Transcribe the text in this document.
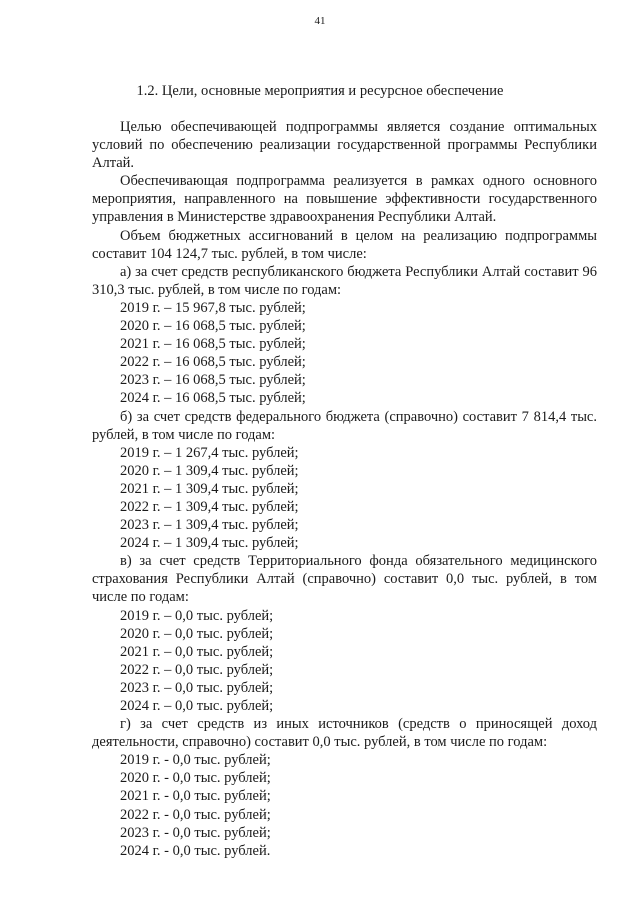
41
1.2. Цели, основные мероприятия и ресурсное обеспечение

Целью обеспечивающей подпрограммы является создание оптимальных условий по обеспечению реализации государственной программы Республики Алтай.

Обеспечивающая подпрограмма реализуется в рамках одного основного мероприятия, направленного на повышение эффективности государственного управления в Министерстве здравоохранения Республики Алтай.

Объем бюджетных ассигнований в целом на реализацию подпрограммы составит 104 124,7 тыс. рублей, в том числе:

а) за счет средств республиканского бюджета Республики Алтай составит 96 310,3 тыс. рублей, в том числе по годам:

2019 г. – 15 967,8 тыс. рублей;

2020 г. – 16 068,5 тыс. рублей;

2021 г. – 16 068,5 тыс. рублей;

2022 г. – 16 068,5 тыс. рублей;

2023 г. – 16 068,5 тыс. рублей;

2024 г. – 16 068,5 тыс. рублей;

б) за счет средств федерального бюджета (справочно) составит 7 814,4 тыс. рублей, в том числе по годам:

2019 г. – 1 267,4 тыс. рублей;

2020 г. – 1 309,4 тыс. рублей;

2021 г. – 1 309,4 тыс. рублей;

2022 г. – 1 309,4 тыс. рублей;

2023 г. – 1 309,4 тыс. рублей;

2024 г. – 1 309,4 тыс. рублей;

в) за счет средств Территориального фонда обязательного медицинского страхования Республики Алтай (справочно) составит 0,0 тыс. рублей, в том числе по годам:

2019 г. – 0,0 тыс. рублей;

2020 г. – 0,0 тыс. рублей;

2021 г. – 0,0 тыс. рублей;

2022 г. – 0,0 тыс. рублей;

2023 г. – 0,0 тыс. рублей;

2024 г. – 0,0 тыс. рублей;

г) за счет средств из иных источников (средств о приносящей доход деятельности, справочно) составит 0,0 тыс. рублей, в том числе по годам:

2019 г. - 0,0 тыс. рублей;

2020 г. - 0,0 тыс. рублей;

2021 г. - 0,0 тыс. рублей;

2022 г. - 0,0 тыс. рублей;

2023 г. - 0,0 тыс. рублей;

2024 г. - 0,0 тыс. рублей.
